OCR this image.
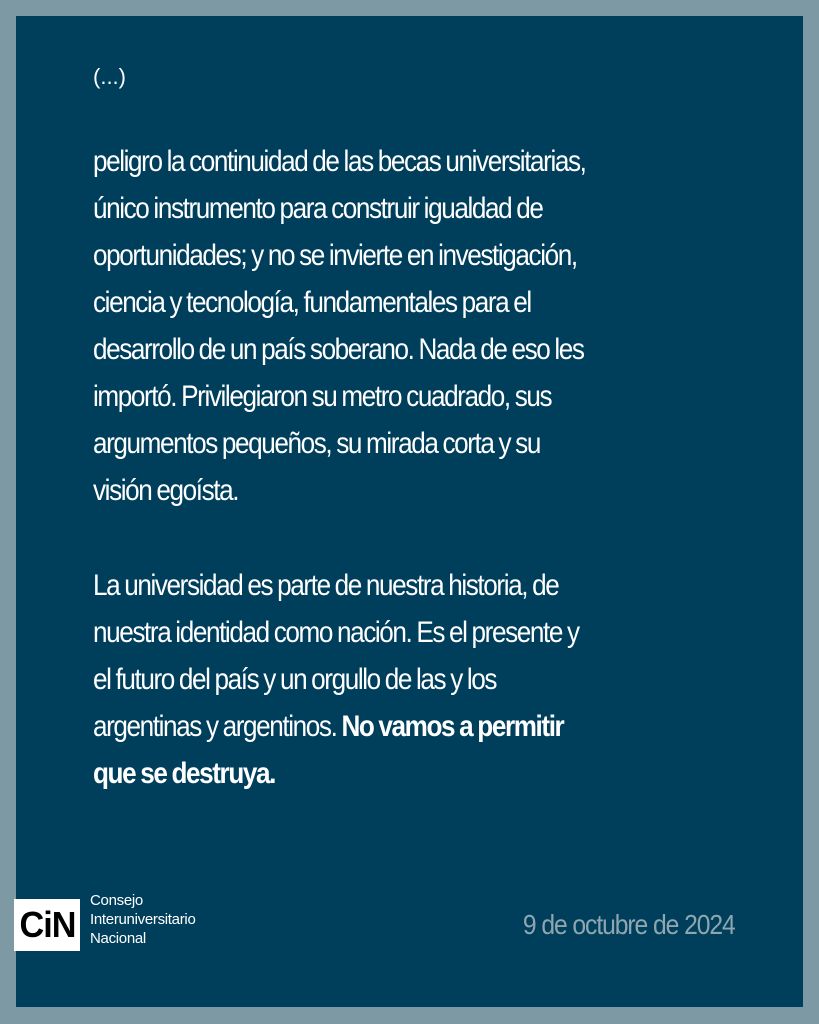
(...)
peligro la continuidad de las becas universitarias,
único instrumento para construir igualdad de
oportunidades; y no se invierte en investigación,
ciencia y tecnología, fundamentales para el
desarrollo de un país soberano. Nada de eso les
importó. Privilegiaron su metro cuadrado, sus
argumentos pequeños, su mirada corta y su
visión egoísta.
La universidad es parte de nuestra historia, de
nuestra identidad como nación. Es el presente y
el futuro del país y un orgullo de las y los
argentinas y argentinos. No vamos a permitir
que se destruya.
CiN
Consejo
Interuniversitario
Nacional	9 de octubre de 2024
